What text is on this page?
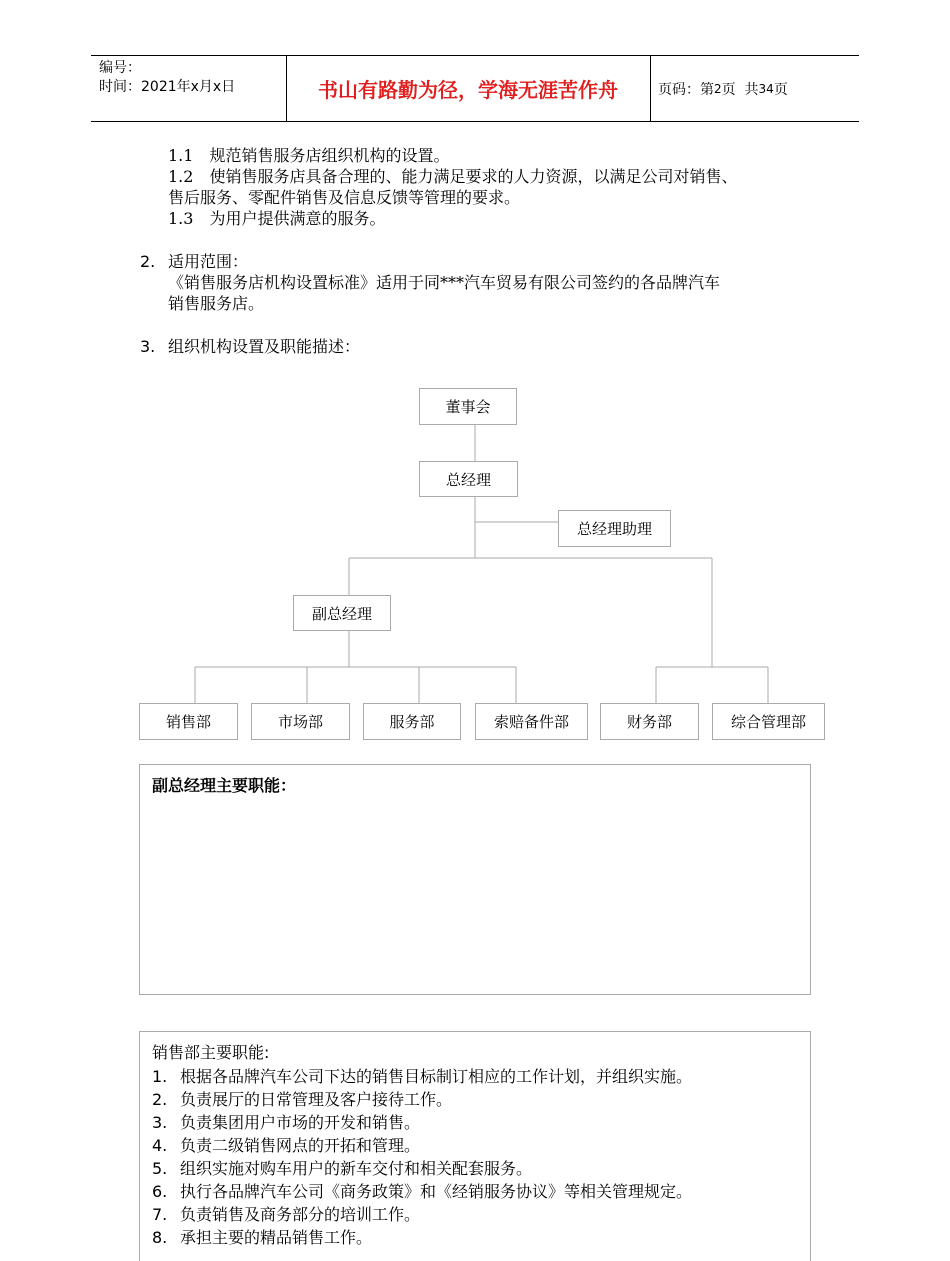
编号：
时间：2021年x月x日	书山有路勤为径，学海无涯苦作舟	页码：第 2 页  共 34 页
1.1　规范销售服务店组织机构的设置。
1.2　使销售服务店具备合理的、能力满足要求的人力资源，以满足公司对销售、
售后服务、零配件销售及信息反馈等管理的要求。
1.3　为用户提供满意的服务。
2. 适用范围：
《销售服务店机构设置标准》适用于同***汽车贸易有限公司签约的各品牌汽车
销售服务店。
3. 组织机构设置及职能描述：
董事会
总经理
总经理助理
副总经理
销售部	市场部	服务部	索赔备件部	财务部	综合管理部
副总经理主要职能：
销售部主要职能:
1. 根据各品牌汽车公司下达的销售目标制订相应的工作计划，并组织实施。
2. 负责展厅的日常管理及客户接待工作。
3. 负责集团用户市场的开发和销售。
4. 负责二级销售网点的开拓和管理。
5. 组织实施对购车用户的新车交付和相关配套服务。
6. 执行各品牌汽车公司《商务政策》和《经销服务协议》等相关管理规定。
7. 负责销售及商务部分的培训工作。
8. 承担主要的精品销售工作。
